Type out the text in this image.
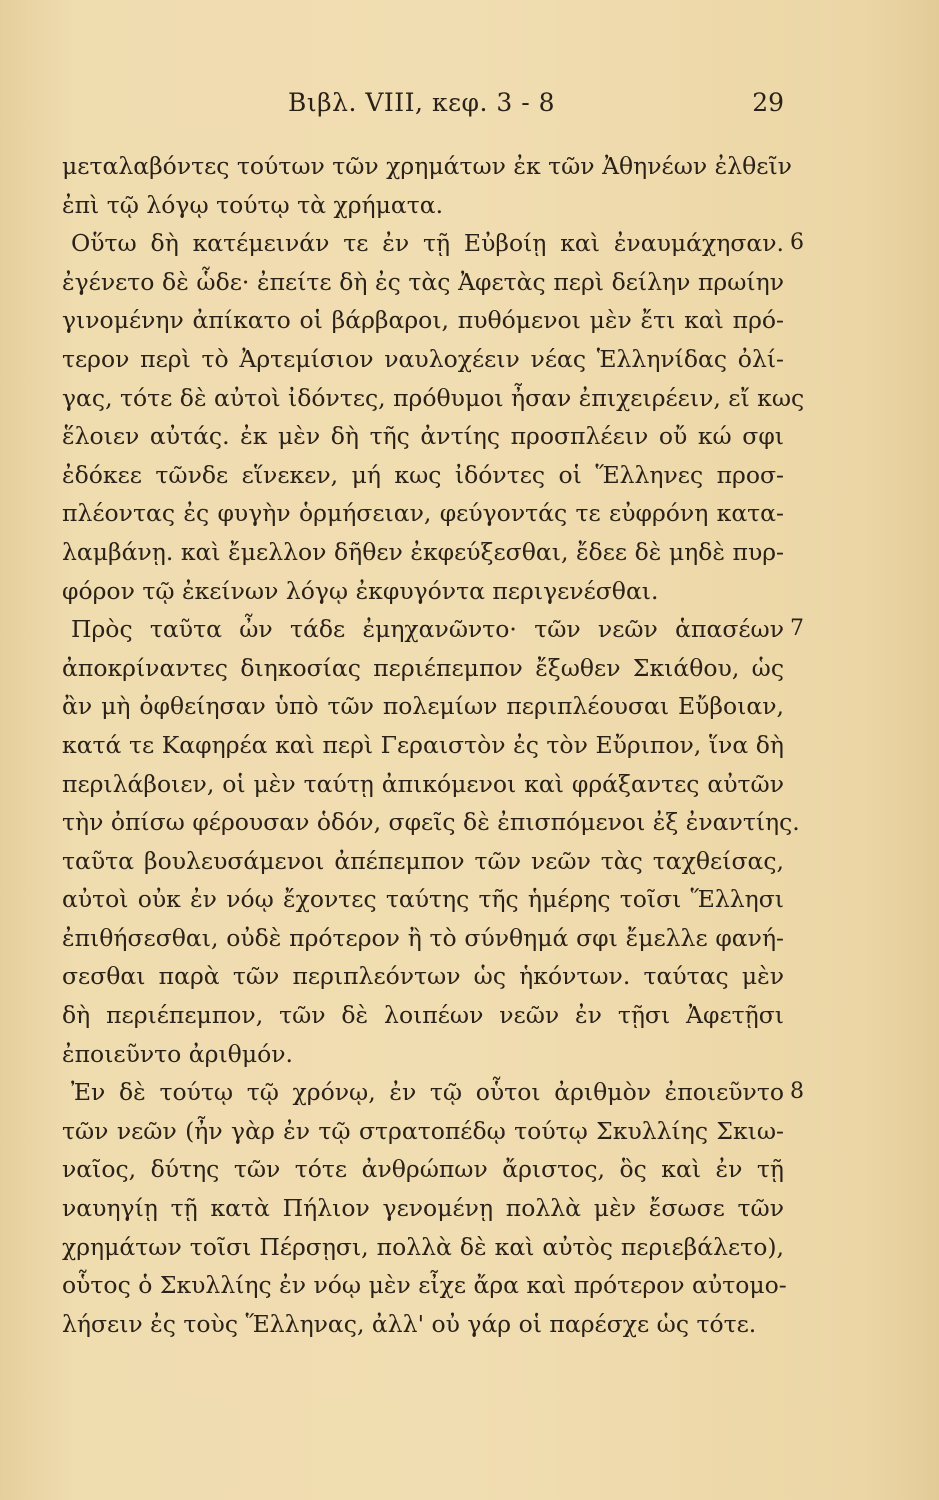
Βιβλ. VIII, κεφ. 3 - 8	29
μεταλαβόντες τούτων τῶν χρημάτων ἐκ τῶν Ἀθηνέων ἐλθεῖν
ἐπὶ τῷ λόγῳ τούτῳ τὰ χρήματα.
Οὕτω δὴ κατέμεινάν τε ἐν τῇ Εὐβοίῃ καὶ ἐναυμάχησαν. 6
ἐγένετο δὲ ὧδε· ἐπείτε δὴ ἐς τὰς Ἀφετὰς περὶ δείλην πρωίην
γινομένην ἀπίκατο οἱ βάρβαροι, πυθόμενοι μὲν ἔτι καὶ πρό-
τερον περὶ τὸ Ἀρτεμίσιον ναυλοχέειν νέας Ἑλληνίδας ὀλί-
γας, τότε δὲ αὐτοὶ ἰδόντες, πρόθυμοι ἦσαν ἐπιχειρέειν, εἴ κως
ἕλοιεν αὐτάς. ἐκ μὲν δὴ τῆς ἀντίης προσπλέειν οὔ κώ σφι
ἐδόκεε τῶνδε εἵνεκεν, μή κως ἰδόντες οἱ Ἕλληνες προσ-
πλέοντας ἐς φυγὴν ὁρμήσειαν, φεύγοντάς τε εὐφρόνη κατα-
λαμβάνῃ. καὶ ἔμελλον δῆθεν ἐκφεύξεσθαι, ἔδεε δὲ μηδὲ πυρ-
φόρον τῷ ἐκείνων λόγῳ ἐκφυγόντα περιγενέσθαι.
Πρὸς ταῦτα ὦν τάδε ἐμηχανῶντο· τῶν νεῶν ἁπασέων 7
ἀποκρίναντες διηκοσίας περιέπεμπον ἔξωθεν Σκιάθου, ὡς
ἂν μὴ ὀφθείησαν ὑπὸ τῶν πολεμίων περιπλέουσαι Εὔβοιαν,
κατά τε Καφηρέα καὶ περὶ Γεραιστὸν ἐς τὸν Εὔριπον, ἵνα δὴ
περιλάβοιεν, οἱ μὲν ταύτῃ ἀπικόμενοι καὶ φράξαντες αὐτῶν
τὴν ὀπίσω φέρουσαν ὁδόν, σφεῖς δὲ ἐπισπόμενοι ἐξ ἐναντίης.
ταῦτα βουλευσάμενοι ἀπέπεμπον τῶν νεῶν τὰς ταχθείσας,
αὐτοὶ οὐκ ἐν νόῳ ἔχοντες ταύτης τῆς ἡμέρης τοῖσι Ἕλλησι
ἐπιθήσεσθαι, οὐδὲ πρότερον ἢ τὸ σύνθημά σφι ἔμελλε φανή-
σεσθαι παρὰ τῶν περιπλεόντων ὡς ἡκόντων. ταύτας μὲν
δὴ περιέπεμπον, τῶν δὲ λοιπέων νεῶν ἐν τῇσι Ἀφετῇσι
ἐποιεῦντο ἀριθμόν.
Ἐν δὲ τούτῳ τῷ χρόνῳ, ἐν τῷ οὗτοι ἀριθμὸν ἐποιεῦντο 8
τῶν νεῶν (ἦν γὰρ ἐν τῷ στρατοπέδῳ τούτῳ Σκυλλίης Σκιω-
ναῖος, δύτης τῶν τότε ἀνθρώπων ἄριστος, ὃς καὶ ἐν τῇ
ναυηγίῃ τῇ κατὰ Πήλιον γενομένῃ πολλὰ μὲν ἔσωσε τῶν
χρημάτων τοῖσι Πέρσῃσι, πολλὰ δὲ καὶ αὐτὸς περιεβάλετο),
οὗτος ὁ Σκυλλίης ἐν νόῳ μὲν εἶχε ἄρα καὶ πρότερον αὐτομο-
λήσειν ἐς τοὺς Ἕλληνας, ἀλλ' οὐ γάρ οἱ παρέσχε ὡς τότε.
